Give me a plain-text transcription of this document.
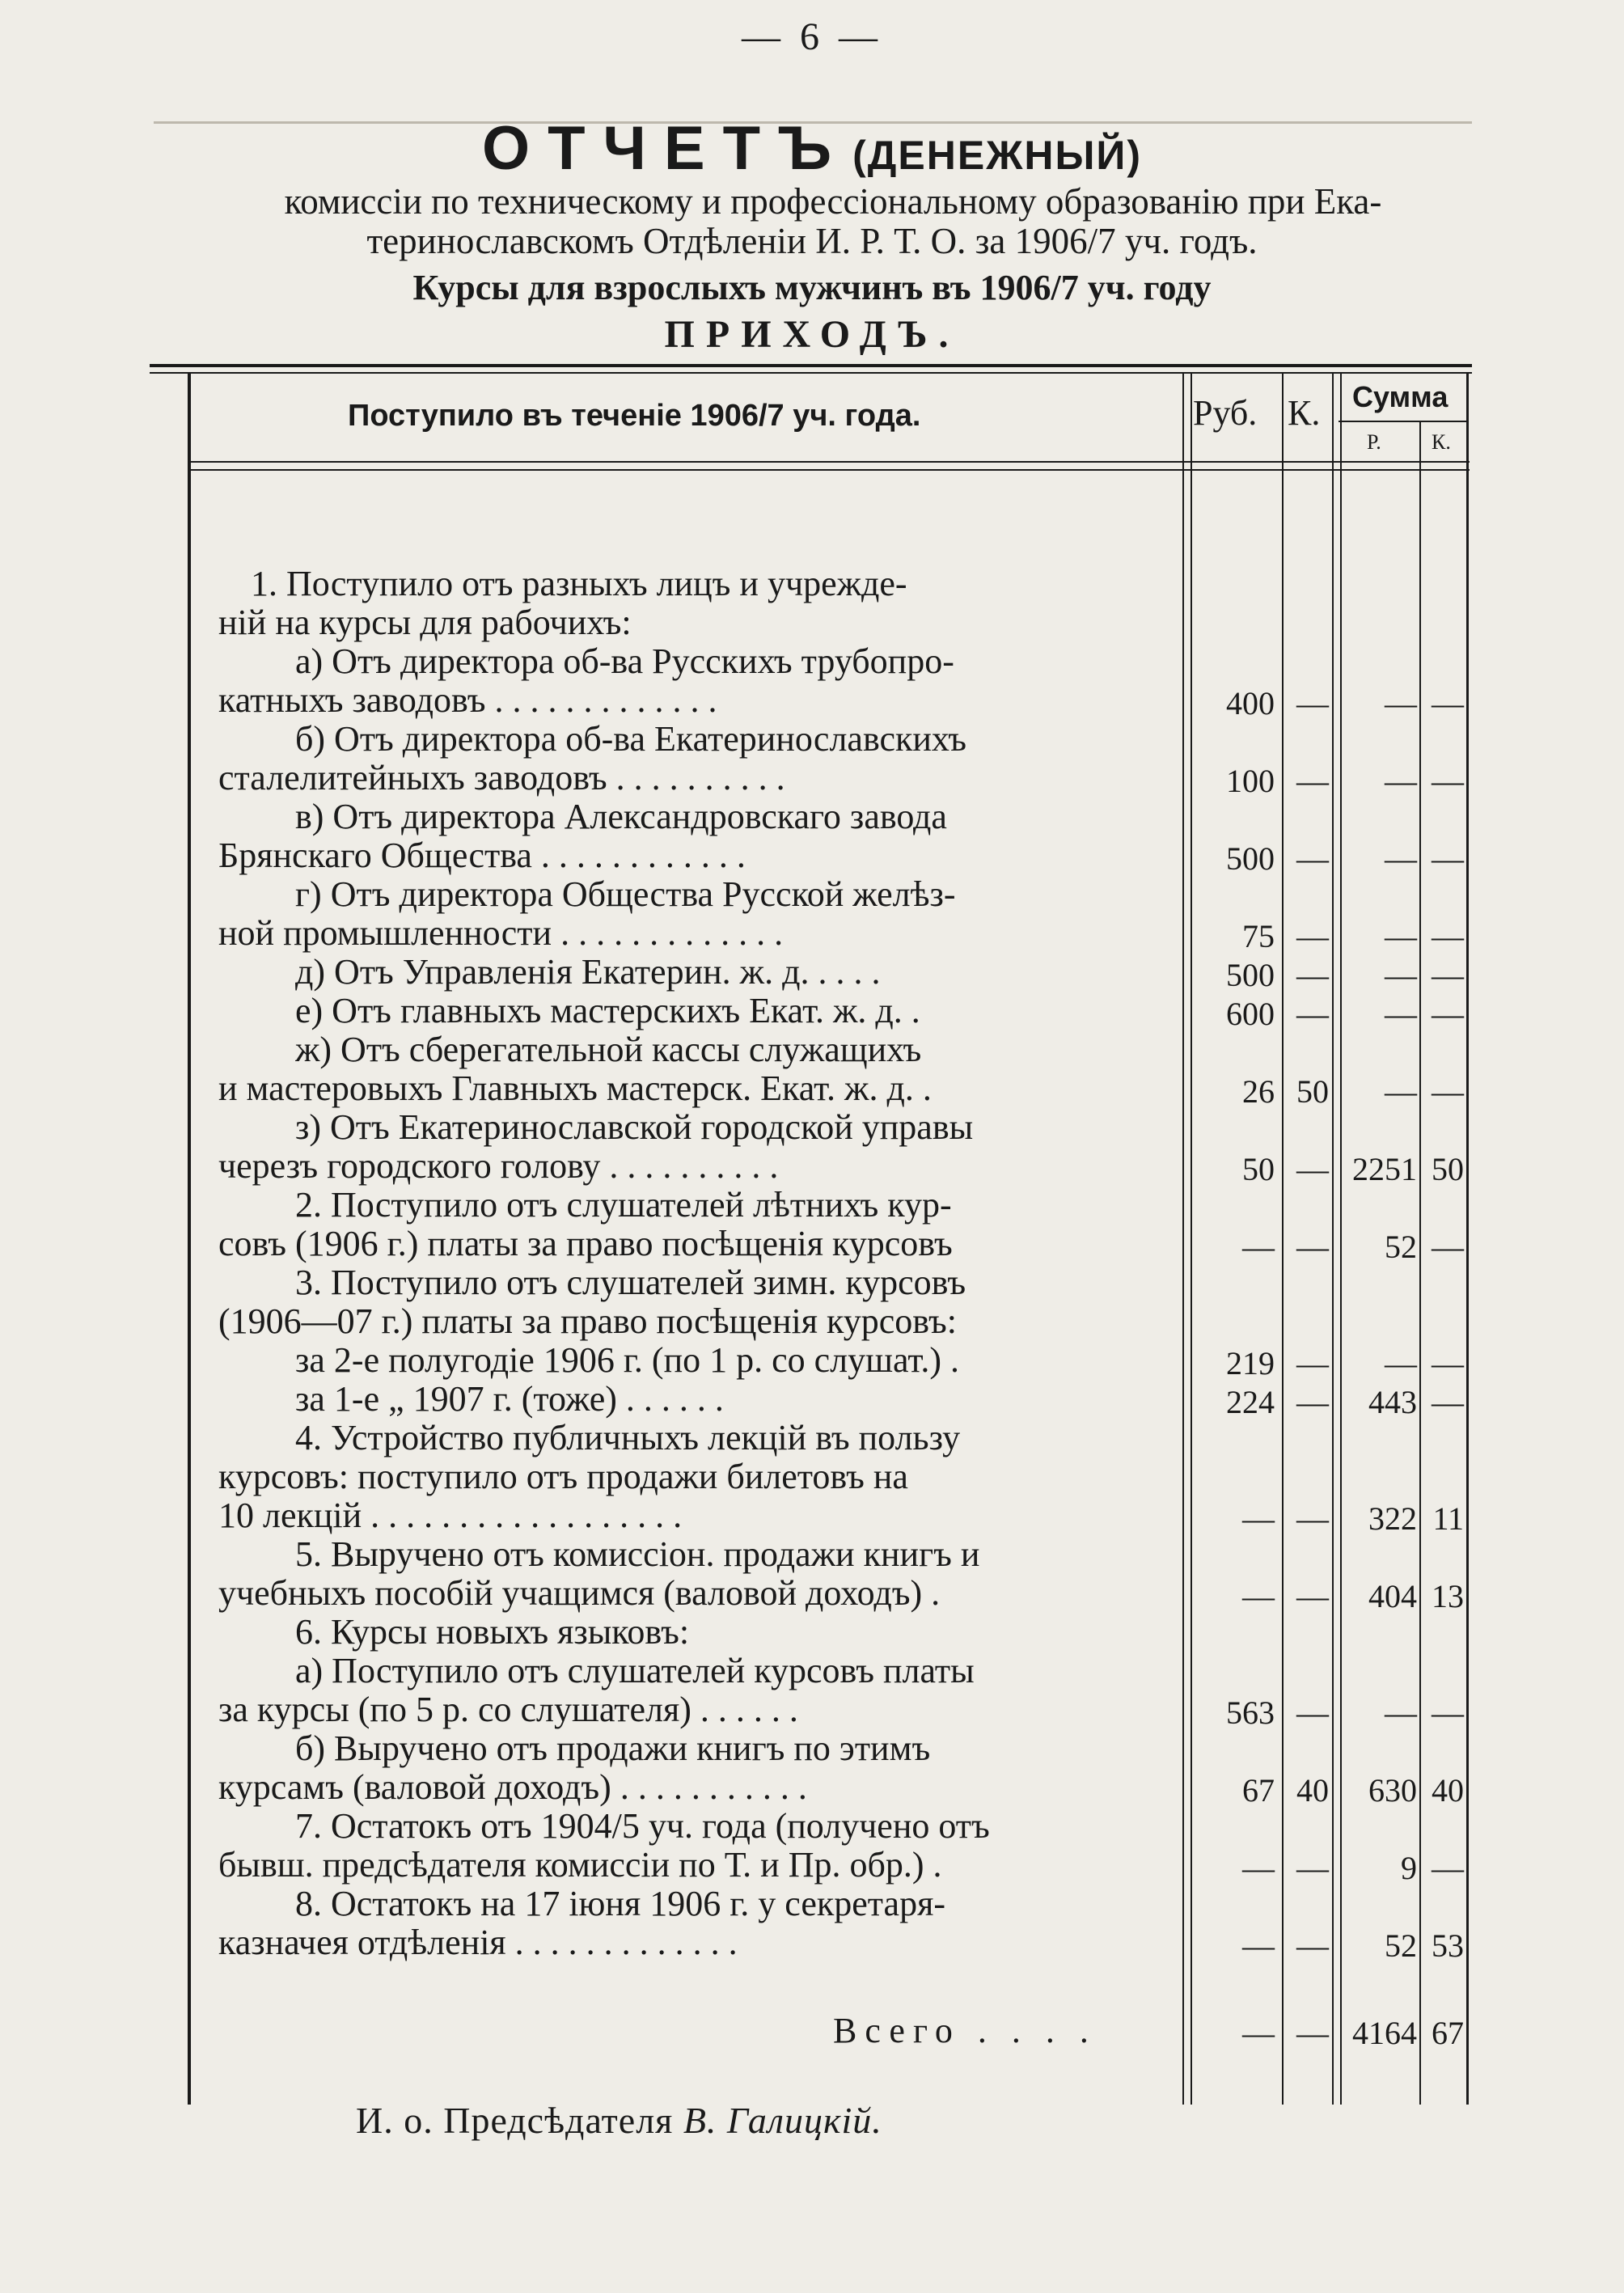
— 6 —
ОТЧЕТЪ (ДЕНЕЖНЫЙ)
комиссіи по техническому и профессіональному образованію при Ека-
теринославскомъ Отдѣленіи И. Р. Т. О. за 1906/7 уч. годъ.
Курсы для взрослыхъ мужчинъ въ 1906/7 уч. году
ПРИХОДЪ.
Поступило въ теченіе 1906/7 уч. года.	Руб. К. Сумма
Р. К.
1. Поступило отъ разныхъ лицъ и учрежде-
ній на курсы для рабочихъ:
а) Отъ директора об-ва Русскихъ трубопро-
катныхъ заводовъ . . . . . . . . . . . . .	400 —	— —
б) Отъ директора об-ва Екатеринославскихъ
сталелитейныхъ заводовъ . . . . . . . . . .	100 —	— —
в) Отъ директора Александровскаго завода
Брянскаго Общества . . . . . . . . . . . .	500 —	— —
г) Отъ директора Общества Русской желѣз-
ной промышленности . . . . . . . . . . . . .	75 —	— —
д) Отъ Управленія Екатерин. ж. д. . . . .	500 —	— —
е) Отъ главныхъ мастерскихъ Екат. ж. д. .	600 —	— —
ж) Отъ сберегательной кассы служащихъ
и мастеровыхъ Главныхъ мастерск. Екат. ж. д. .	26 50	— —
з) Отъ Екатеринославской городской управы
черезъ городского голову . . . . . . . . . .	50 — 2251 50
2. Поступило отъ слушателей лѣтнихъ кур-
совъ (1906 г.) платы за право посѣщенія курсовъ	— —	52 —
3. Поступило отъ слушателей зимн. курсовъ
(1906—07 г.) платы за право посѣщенія курсовъ:
за 2-е полугодіе 1906 г. (по 1 р. со слушат.) .	219 —	— —
за 1-е „ 1907 г. (тоже) . . . . . .	224 —	443 —
4. Устройство публичныхъ лекцій въ пользу
курсовъ: поступило отъ продажи билетовъ на
10 лекцій . . . . . . . . . . . . . . . . . .	— —	322 11
5. Выручено отъ комиссіон. продажи книгъ и
учебныхъ пособій учащимся (валовой доходъ) .	— —	404 13
6. Курсы новыхъ языковъ:
а) Поступило отъ слушателей курсовъ платы
за курсы (по 5 р. со слушателя) . . . . . .	563 —	— —
б) Выручено отъ продажи книгъ по этимъ
курсамъ (валовой доходъ) . . . . . . . . . . .	67 40	630 40
7. Остатокъ отъ 1904/5 уч. года (получено отъ
бывш. предсѣдателя комиссіи по Т. и Пр. обр.) .	— —	9 —
8. Остатокъ на 17 іюня 1906 г. у секретаря-
казначея отдѣленія . . . . . . . . . . . . .	— —	52 53
Всего . . . .	— — 4164 67
И. о. Предсѣдателя В. Галицкій.
